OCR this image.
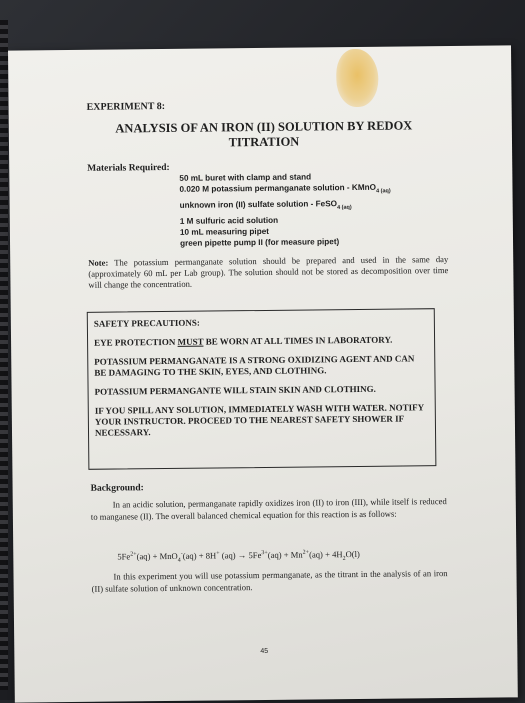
EXPERIMENT 8:

ANALYSIS OF AN IRON (II) SOLUTION BY REDOX
TITRATION

Materials Required:

50 mL buret with clamp and stand
0.020 M potassium permanganate solution - KMnO$_{4 (aq)}$
unknown iron (II) sulfate solution - FeSO$_{4 (aq)}$
1 M sulfuric acid solution
10 mL measuring pipet
green pipette pump II (for measure pipet)

Note: The potassium permanganate solution should be prepared and used in the same day (approximately 60 mL per Lab group). The solution should not be stored as decomposition over time will change the concentration.

SAFETY PRECAUTIONS:

EYE PROTECTION MUST BE WORN AT ALL TIMES IN LABORATORY.

POTASSIUM PERMANGANATE IS A STRONG OXIDIZING AGENT AND CAN BE DAMAGING TO THE SKIN, EYES, AND CLOTHING.

POTASSIUM PERMANGANTE WILL STAIN SKIN AND CLOTHING.

IF YOU SPILL ANY SOLUTION, IMMEDIATELY WASH WITH WATER. NOTIFY YOUR INSTRUCTOR. PROCEED TO THE NEAREST SAFETY SHOWER IF NECESSARY.

Background:

In an acidic solution, permanganate rapidly oxidizes iron (II) to iron (III), while itself is reduced to manganese (II). The overall balanced chemical equation for this reaction is as follows:

$5Fe^{2+}(aq) + MnO_4^-(aq) + 8H^+$ $(aq) \to 5Fe^{3+}(aq) + Mn^{2+}(aq) + 4H_2O(l)$

In this experiment you will use potassium permanganate, as the titrant in the analysis of an iron (II) sulfate solution of unknown concentration.

45
